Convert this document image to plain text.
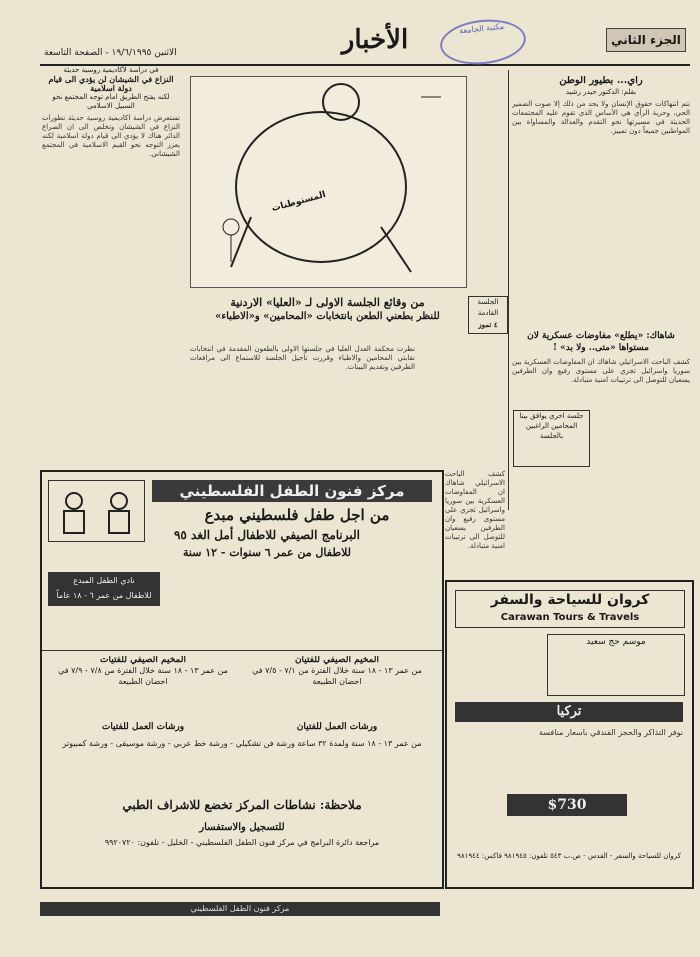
الجزء الثاني
الأخبار
الاثنين ١٩/٦/١٩٩٥ - الصفحة التاسعة
مكتبة الجامعة
رأي... بطيور الوطن
بقلم: الدكتور حيدر رشيد
تتم انتهاكات حقوق الإنسان ولا يحد من ذلك إلا صوت الضمير الحي، وحرية الرأي هي الأساس الذي تقوم عليه المجتمعات الحديثة في مسيرتها نحو التقدم والعدالة والمساواة بين المواطنين جميعاً دون تمييز.
في دراسة لأكاديمية روسية حديثة
النزاع في الشيشان لن يؤدي الى قيام دولة اسلامية
لكنه يفتح الطريق امام توجه المجتمع نحو السبيل الاسلامي
تستعرض دراسة اكاديمية روسية حديثة تطورات النزاع في الشيشان وتخلص الى ان الصراع الدائر هناك لا يؤدي الى قيام دولة اسلامية لكنه يعزز التوجه نحو القيم الاسلامية في المجتمع الشيشاني.
المستوطنات
من وقائع الجلسة الاولى لـ «العليا» الاردنية
للنظر بطعني الطعن بانتخابات «المحامين» و«الاطباء»
نظرت محكمة العدل العليا في جلستها الاولى بالطعون المقدمة في انتخابات نقابتي المحامين والاطباء وقررت تأجيل الجلسة للاستماع الى مرافعات الطرفين وتقديم البينات.
الجلسة القادمة
٤ تموز
شاهاك: «يطلع» مفاوضات عسكرية لان مستواها «متى.. ولا بد» !
كشف الباحث الاسرائيلي شاهاك ان المفاوضات العسكرية بين سوريا واسرائيل تجري على مستوى رفيع وان الطرفين يسعيان للتوصل الى ترتيبات امنية متبادلة.
جلسة اخرى يوافق بينا المحامين الراغبين بالجلسة
مركز فنون الطفل الفلسطيني
من اجل طفل فلسطيني مبدع
البرنامج الصيفي للاطفال أمل الغد ٩٥
للاطفال من عمر ٦ سنوات - ١٢ سنة
نادي الطفل المبدع
للاطفال من عمر ٦ - ١٨ عاماً
المخيم الصيفي للفتيان
من عمر ١٣ - ١٨ سنة خلال الفترة من ٧/١ - ٧/٥ في احضان الطبيعة
المخيم الصيفي للفتيات
من عمر ١٣ - ١٨ سنة خلال الفترة من ٧/٨ - ٧/٩ في احضان الطبيعة
ورشات العمل للفتيان
ورشات العمل للفتيات
من عمر ١٣ - ١٨ سنة ولمدة ٣٢ ساعة ورشة فن تشكيلي - ورشة خط عربي - ورشة موسيقى - ورشة كمبيوتر
ملاحظة: نشاطات المركز تخضع للاشراف الطبي
للتسجيل والاستفسار
مراجعة دائرة البرامج في مركز فنون الطفل الفلسطيني - الخليل - تلفون: ٩٩٢٠٧٢٠
مركز فنون الطفل الفلسطيني
كشف الباحث الاسرائيلي شاهاك ان المفاوضات العسكرية بين سوريا واسرائيل تجري على مستوى رفيع وان الطرفين يسعيان للتوصل الى ترتيبات امنية متبادلة.
كروان للسياحة والسفر
Carawan Tours & Travels
موسم حج سعيد
تركيا
نوفر التذاكر والحجز الفندقي باسعار منافسة
$730
كروان للسياحة والسفر - القدس - ص.ب ٥٤٣ تلفون: ٩٨١٩٤٥ فاكس: ٩٨١٩٤٤
